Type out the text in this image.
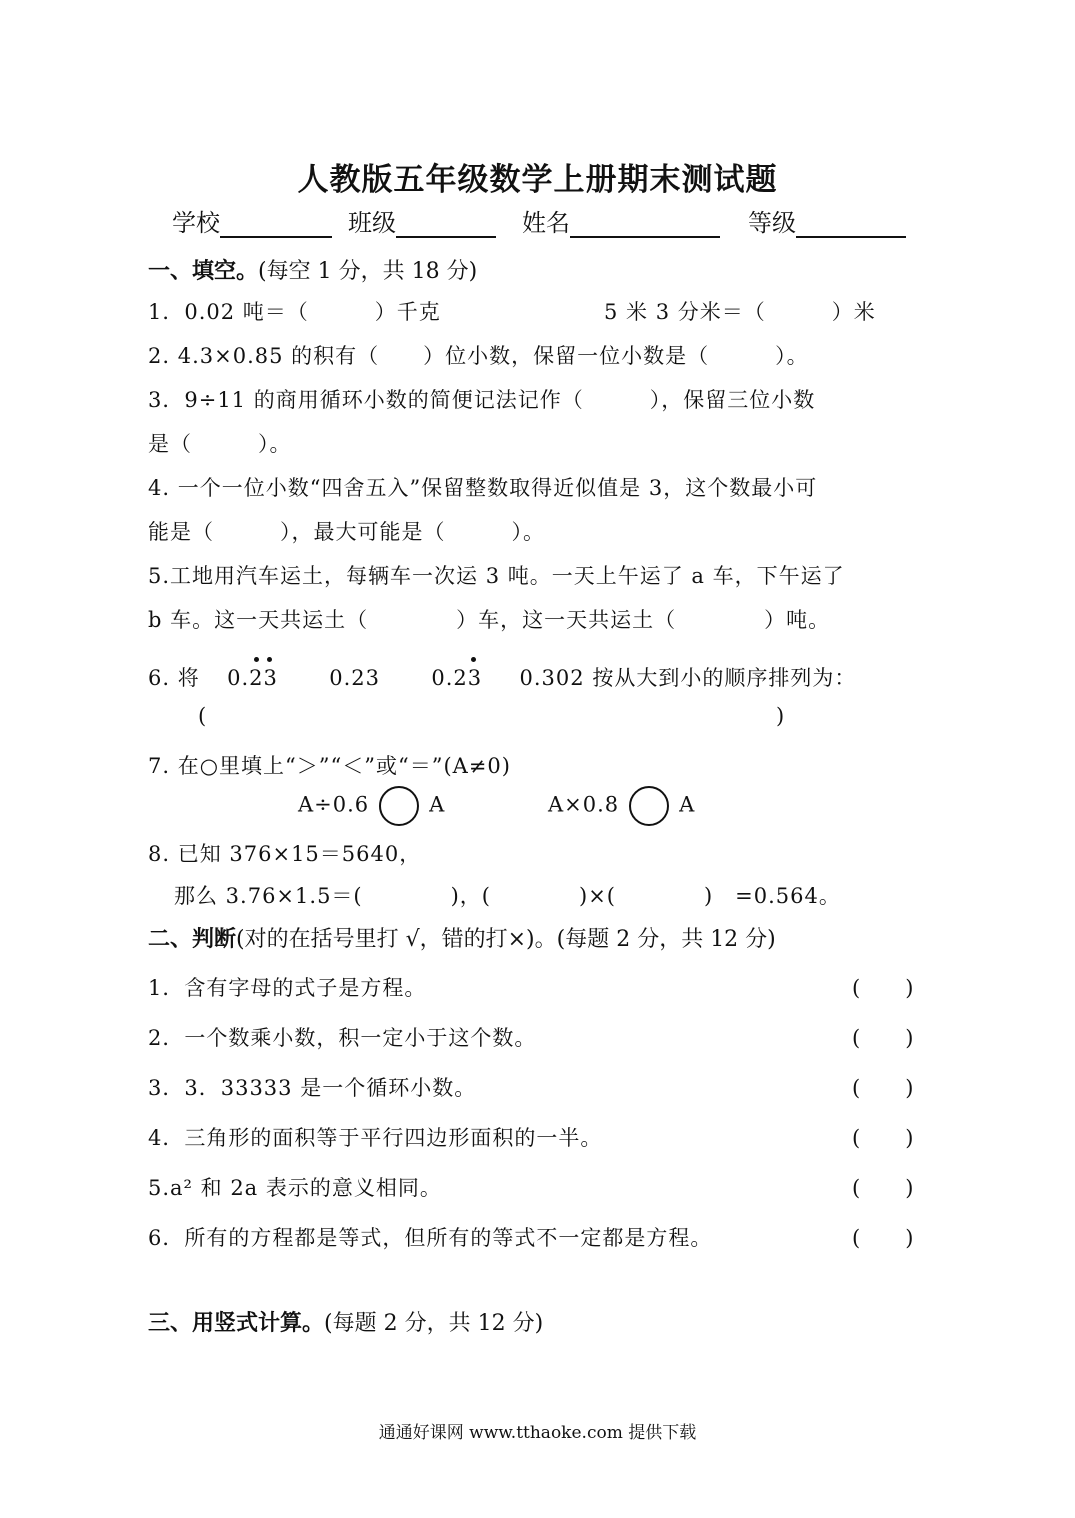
人教版五年级数学上册期末测试题
学校	班级	姓名	等级
一、填空。(每空 1 分，共 18 分)
1．0.02 吨＝（　　　）千克	5 米 3 分米＝（　　　）米
2. 4.3×0.85 的积有（　　）位小数，保留一位小数是（　　　）。
3．9÷11 的商用循环小数的简便记法记作（　　　），保留三位小数
是（　　　）。
4. 一个一位小数“四舍五入”保留整数取得近似值是 3，这个数最小可
能是（　　　），最大可能是（　　　）。
5.工地用汽车运土，每辆车一次运 3 吨。一天上午运了 a 车，下午运了
b 车。这一天共运土（　　　　）车，这一天共运土（　　　　）吨。
6. 将 0.23 0.23 0.23 0.302 按从大到小的顺序排列为：
(	)
7. 在○里填上“＞”“＜”或“＝”(A≠0)
A÷0.6	A	A×0.8	A
8. 已知 376×15＝5640，
那么 3.76×1.5＝(　　　　)，(　　　　)×(　　　　)　=0.564。
二、判断(对的在括号里打 √，错的打×)。(每题 2 分，共 12 分)
1．含有字母的式子是方程。	(　　)
2．一个数乘小数，积一定小于这个数。	(　　)
3．3．33333 是一个循环小数。	(　　)
4．三角形的面积等于平行四边形面积的一半。	(　　)
5.a² 和 2a 表示的意义相同。	(　　)
6．所有的方程都是等式，但所有的等式不一定都是方程。	(　　)
三、用竖式计算。(每题 2 分，共 12 分)
通通好课网 www.tthaoke.com 提供下载
